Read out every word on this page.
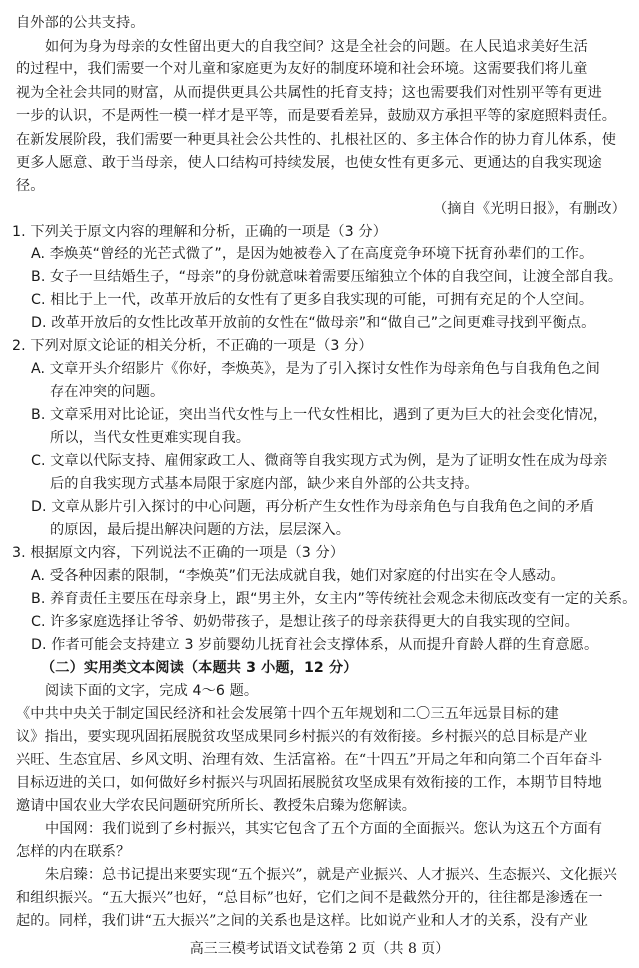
自外部的公共支持。
如何为身为母亲的女性留出更大的自我空间？这是全社会的问题。在人民追求美好生活
的过程中，我们需要一个对儿童和家庭更为友好的制度环境和社会环境。这需要我们将儿童
视为全社会共同的财富，从而提供更具公共属性的托育支持；这也需要我们对性别平等有更进
一步的认识，不是两性一模一样才是平等，而是要看差异，鼓励双方承担平等的家庭照料责任。
在新发展阶段，我们需要一种更具社会公共性的、扎根社区的、多主体合作的协力育儿体系，使
更多人愿意、敢于当母亲，使人口结构可持续发展，也使女性有更多元、更通达的自我实现途
径。
（摘自《光明日报》，有删改）
1. 下列关于原文内容的理解和分析，正确的一项是（3 分）
A. 李焕英“曾经的光芒式微了”，是因为她被卷入了在高度竞争环境下抚育孙辈们的工作。
B. 女子一旦结婚生子，“母亲”的身份就意味着需要压缩独立个体的自我空间，让渡全部自我。
C. 相比于上一代，改革开放后的女性有了更多自我实现的可能，可拥有充足的个人空间。
D. 改革开放后的女性比改革开放前的女性在“做母亲”和“做自己”之间更难寻找到平衡点。
2. 下列对原文论证的相关分析，不正确的一项是（3 分）
A. 文章开头介绍影片《你好，李焕英》，是为了引入探讨女性作为母亲角色与自我角色之间
存在冲突的问题。
B. 文章采用对比论证，突出当代女性与上一代女性相比，遇到了更为巨大的社会变化情况，
所以，当代女性更难实现自我。
C. 文章以代际支持、雇佣家政工人、微商等自我实现方式为例，是为了证明女性在成为母亲
后的自我实现方式基本局限于家庭内部，缺少来自外部的公共支持。
D. 文章从影片引入探讨的中心问题，再分析产生女性作为母亲角色与自我角色之间的矛盾
的原因，最后提出解决问题的方法，层层深入。
3. 根据原文内容，下列说法不正确的一项是（3 分）
A. 受各种因素的限制，“李焕英”们无法成就自我，她们对家庭的付出实在令人感动。
B. 养育责任主要压在母亲身上，跟“男主外，女主内”等传统社会观念未彻底改变有一定的关系。
C. 许多家庭选择让爷爷、奶奶带孩子，是想让孩子的母亲获得更大的自我实现的空间。
D. 作者可能会支持建立 3 岁前婴幼儿抚育社会支撑体系，从而提升育龄人群的生育意愿。
（二）实用类文本阅读（本题共 3 小题，12 分）
阅读下面的文字，完成 4～6 题。
《中共中央关于制定国民经济和社会发展第十四个五年规划和二〇三五年远景目标的建
议》指出，要实现巩固拓展脱贫攻坚成果同乡村振兴的有效衔接。乡村振兴的总目标是产业
兴旺、生态宜居、乡风文明、治理有效、生活富裕。在“十四五”开局之年和向第二个百年奋斗
目标迈进的关口，如何做好乡村振兴与巩固拓展脱贫攻坚成果有效衔接的工作，本期节目特地
邀请中国农业大学农民问题研究所所长、教授朱启臻为您解读。
中国网：我们说到了乡村振兴，其实它包含了五个方面的全面振兴。您认为这五个方面有
怎样的内在联系？
朱启臻：总书记提出来要实现“五个振兴”，就是产业振兴、人才振兴、生态振兴、文化振兴
和组织振兴。“五大振兴”也好，“总目标”也好，它们之间不是截然分开的，往往都是渗透在一
起的。同样，我们讲“五大振兴”之间的关系也是这样。比如说产业和人才的关系，没有产业
高三三模考试语文试卷第 2 页（共 8 页）
